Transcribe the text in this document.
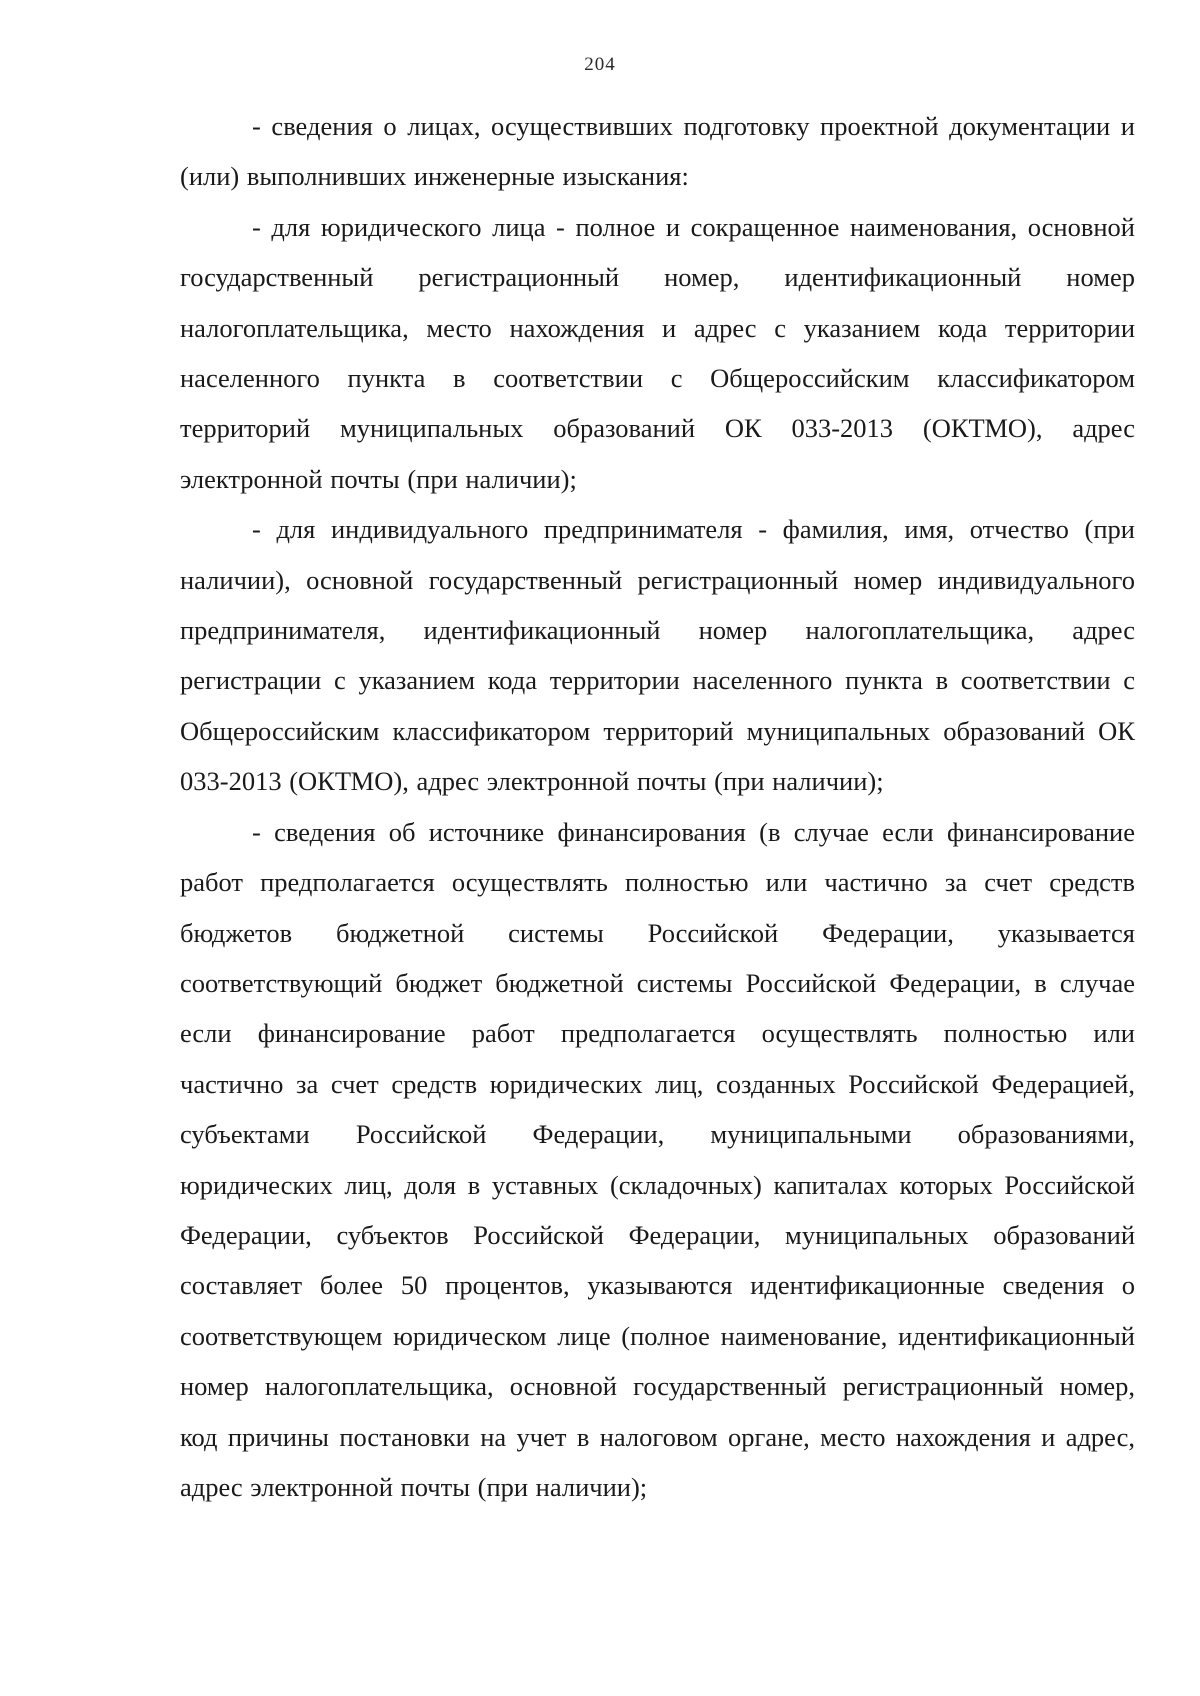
204

- сведения о лицах, осуществивших подготовку проектной документации и (или) выполнивших инженерные изыскания:

- для юридического лица - полное и сокращенное наименования, основной государственный регистрационный номер, идентификационный номер налогоплательщика, место нахождения и адрес с указанием кода территории населенного пункта в соответствии с Общероссийским классификатором территорий муниципальных образований ОК 033-2013 (ОКТМО), адрес электронной почты (при наличии);

- для индивидуального предпринимателя - фамилия, имя, отчество (при наличии), основной государственный регистрационный номер индивидуального предпринимателя, идентификационный номер налогоплательщика, адрес регистрации с указанием кода территории населенного пункта в соответствии с Общероссийским классификатором территорий муниципальных образований ОК 033-2013 (ОКТМО), адрес электронной почты (при наличии);

- сведения об источнике финансирования (в случае если финансирование работ предполагается осуществлять полностью или частично за счет средств бюджетов бюджетной системы Российской Федерации, указывается соответствующий бюджет бюджетной системы Российской Федерации, в случае если финансирование работ предполагается осуществлять полностью или частично за счет средств юридических лиц, созданных Российской Федерацией, субъектами Российской Федерации, муниципальными образованиями, юридических лиц, доля в уставных (складочных) капиталах которых Российской Федерации, субъектов Российской Федерации, муниципальных образований составляет более 50 процентов, указываются идентификационные сведения о соответствующем юридическом лице (полное наименование, идентификационный номер налогоплательщика, основной государственный регистрационный номер, код причины постановки на учет в налоговом органе, место нахождения и адрес, адрес электронной почты (при наличии);
